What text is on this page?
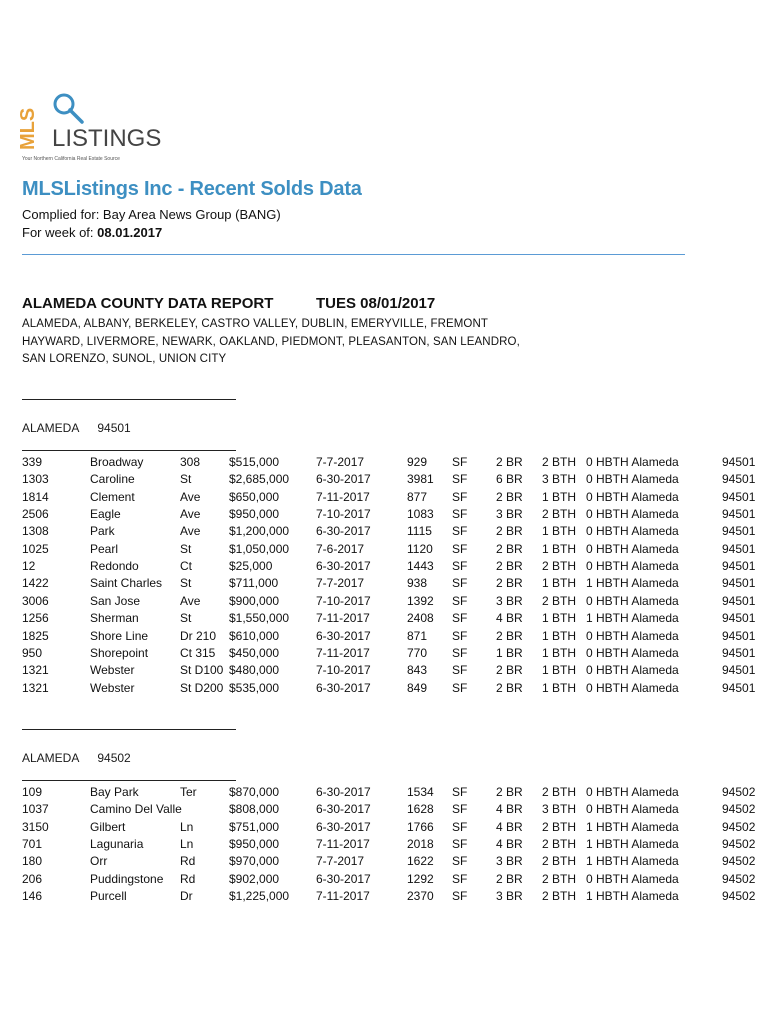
MLS LISTINGS
Your Northern California Real Estate Source
MLSListings Inc - Recent Solds Data
Complied for: Bay Area News Group (BANG)
For week of: 08.01.2017
ALAMEDA COUNTY DATA REPORT	TUES 08/01/2017
ALAMEDA, ALBANY, BERKELEY, CASTRO VALLEY, DUBLIN, EMERYVILLE, FREMONT
HAYWARD, LIVERMORE, NEWARK, OAKLAND, PIEDMONT, PLEASANTON, SAN LEANDRO,
SAN LORENZO, SUNOL, UNION CITY
ALAMEDA 94501
339	Broadway	308 $515,000	7-7-2017	929 SF 2 BR 2 BTH 0 HBTH Alameda	94501
1303	Caroline	St	$2,685,000 6-30-2017	3981 SF 6 BR 3 BTH 0 HBTH Alameda	94501
1814	Clement	Ave $650,000	7-11-2017	877 SF 2 BR 1 BTH 0 HBTH Alameda	94501
2506	Eagle	Ave $950,000	7-10-2017	1083 SF 3 BR 2 BTH 0 HBTH Alameda	94501
1308	Park	Ave $1,200,000 6-30-2017	1115 SF 2 BR 1 BTH 0 HBTH Alameda	94501
1025	Pearl	St	$1,050,000 7-6-2017	1120 SF 2 BR 1 BTH 0 HBTH Alameda	94501
12	Redondo	Ct	$25,000	6-30-2017	1443 SF 2 BR 2 BTH 0 HBTH Alameda	94501
1422	Saint Charles St	$711,000	7-7-2017	938 SF 2 BR 1 BTH 1 HBTH Alameda	94501
3006	San Jose	Ave $900,000	7-10-2017	1392 SF 3 BR 2 BTH 0 HBTH Alameda	94501
1256	Sherman	St	$1,550,000 7-11-2017	2408 SF 4 BR 1 BTH 1 HBTH Alameda	94501
1825	Shore Line	Dr 210 $610,000	6-30-2017	871 SF 2 BR 1 BTH 0 HBTH Alameda	94501
950	Shorepoint	Ct 315 $450,000	7-11-2017	770 SF 1 BR 1 BTH 0 HBTH Alameda	94501
1321	Webster	St D100 $480,000	7-10-2017	843 SF 2 BR 1 BTH 0 HBTH Alameda	94501
1321	Webster	St D200 $535,000	6-30-2017	849 SF 2 BR 1 BTH 0 HBTH Alameda	94501
ALAMEDA 94502
109	Bay Park	Ter	$870,000	6-30-2017	1534 SF 2 BR 2 BTH 0 HBTH Alameda	94502
1037	Camino Del Valle	$808,000	6-30-2017	1628 SF 4 BR 3 BTH 0 HBTH Alameda	94502
3150	Gilbert	Ln	$751,000	6-30-2017	1766 SF 4 BR 2 BTH 1 HBTH Alameda	94502
701	Lagunaria	Ln	$950,000	7-11-2017	2018 SF 4 BR 2 BTH 1 HBTH Alameda	94502
180	Orr	Rd	$970,000	7-7-2017	1622 SF 3 BR 2 BTH 1 HBTH Alameda	94502
206	Puddingstone Rd	$902,000	6-30-2017	1292 SF 2 BR 2 BTH 0 HBTH Alameda	94502
146	Purcell	Dr	$1,225,000 7-11-2017	2370 SF 3 BR 2 BTH 1 HBTH Alameda	94502
